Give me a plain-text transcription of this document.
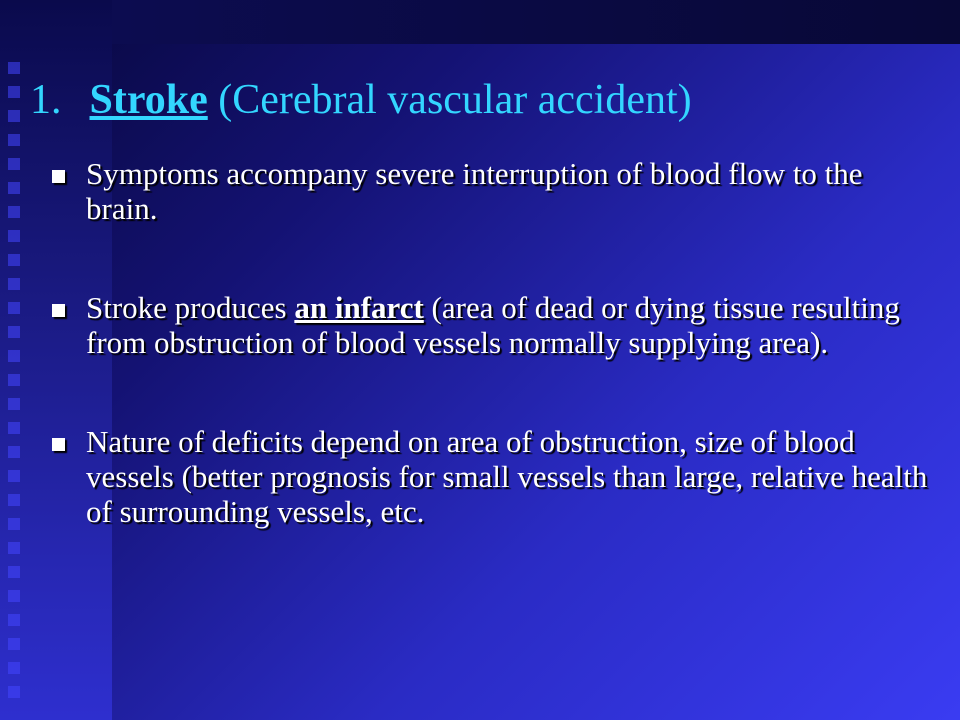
1. Stroke (Cerebral vascular accident)
Symptoms accompany severe interruption of blood flow to the brain.
Stroke produces an infarct (area of dead or dying tissue resulting from obstruction of blood vessels normally supplying area).
Nature of deficits depend on area of obstruction, size of blood vessels (better prognosis for small vessels than large, relative health of surrounding vessels, etc.
